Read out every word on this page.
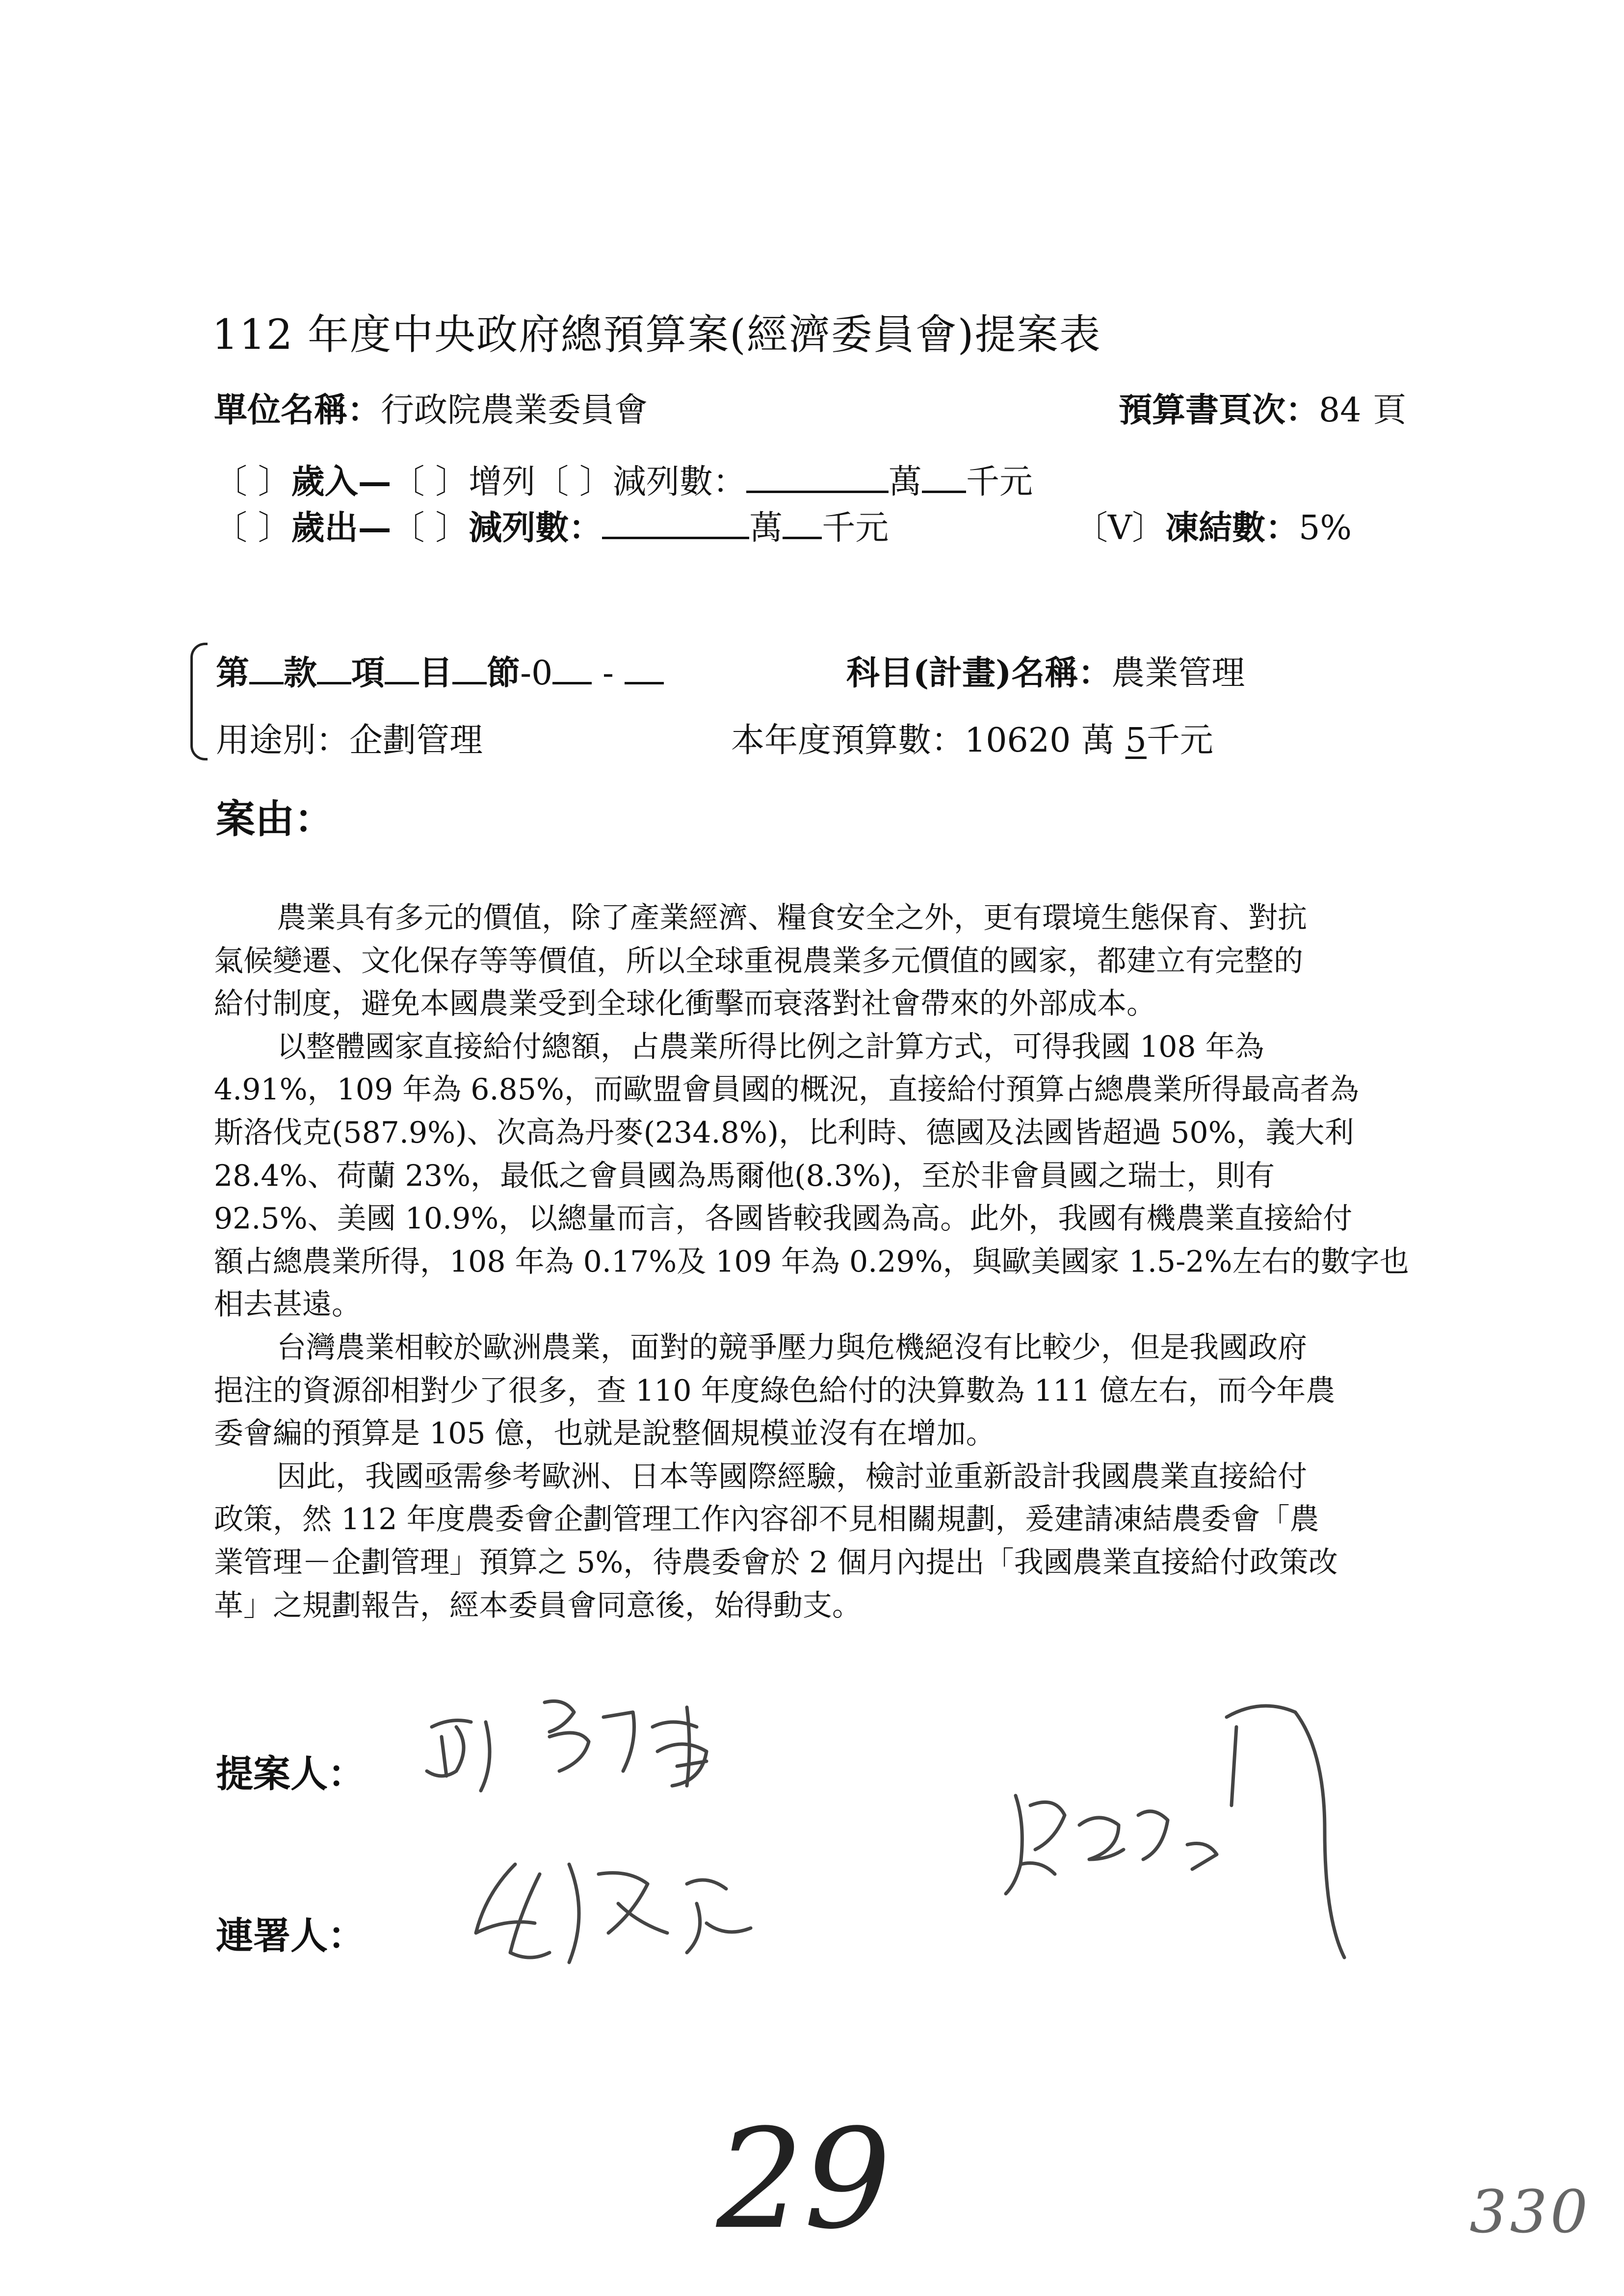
112 年度中央政府總預算案(經濟委員會)提案表
單位名稱：行政院農業委員會	預算書頁次：84 頁
〔 〕歲入—〔 〕增列〔 〕減列數：	萬 千元
〔 〕歲出—〔 〕減列數：	萬 千元	〔V〕凍結數：5%
第 款 項 目 節-0 -	科目(計畫)名稱：農業管理
用途別：企劃管理	本年度預算數：10620 萬 5千元
案由：
農業具有多元的價值，除了產業經濟、糧食安全之外，更有環境生態保育、對抗
氣候變遷、文化保存等等價值，所以全球重視農業多元價值的國家，都建立有完整的
給付制度，避免本國農業受到全球化衝擊而衰落對社會帶來的外部成本。
以整體國家直接給付總額，占農業所得比例之計算方式，可得我國 108 年為
4.91%，109 年為 6.85%，而歐盟會員國的概況，直接給付預算占總農業所得最高者為
斯洛伐克(587.9%)、次高為丹麥(234.8%)，比利時、德國及法國皆超過 50%，義大利
28.4%、荷蘭 23%，最低之會員國為馬爾他(8.3%)，至於非會員國之瑞士，則有
92.5%、美國 10.9%，以總量而言，各國皆較我國為高。此外，我國有機農業直接給付
額占總農業所得，108 年為 0.17%及 109 年為 0.29%，與歐美國家 1.5-2%左右的數字也
相去甚遠。
台灣農業相較於歐洲農業，面對的競爭壓力與危機絕沒有比較少，但是我國政府
挹注的資源卻相對少了很多，查 110 年度綠色給付的決算數為 111 億左右，而今年農
委會編的預算是 105 億，也就是說整個規模並沒有在增加。
因此，我國亟需參考歐洲、日本等國際經驗，檢討並重新設計我國農業直接給付
政策，然 112 年度農委會企劃管理工作內容卻不見相關規劃，爰建請凍結農委會「農
業管理－企劃管理」預算之 5%，待農委會於 2 個月內提出「我國農業直接給付政策改
革」之規劃報告，經本委員會同意後，始得動支。
提案人：
連署人：
29	330
